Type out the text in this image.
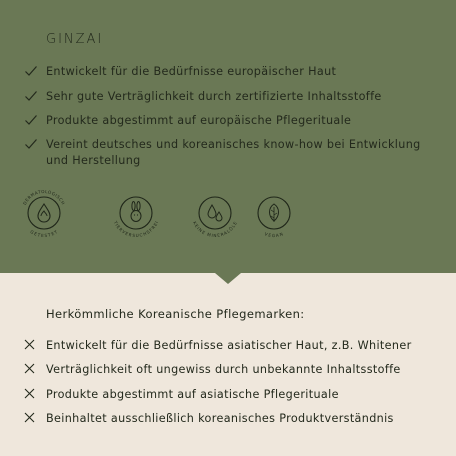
GINZAI
Entwickelt für die Bedürfnisse europäischer Haut
Sehr gute Verträglichkeit durch zertifizierte Inhaltsstoffe
Produkte abgestimmt auf europäische Pflegerituale
Vereint deutsches und koreanisches know-how bei Entwicklung und Herstellung
DERMATOLOGISCH
GETESTET
TIERVERSUCHSFREI	KEINE MINERALÖLE
VEGAN
Herkömmliche Koreanische Pflegemarken:
Entwickelt für die Bedürfnisse asiatischer Haut, z.B. Whitener
Verträglichkeit oft ungewiss durch unbekannte Inhaltsstoffe
Produkte abgestimmt auf asiatische Pflegerituale
Beinhaltet ausschließlich koreanisches Produktverständnis
